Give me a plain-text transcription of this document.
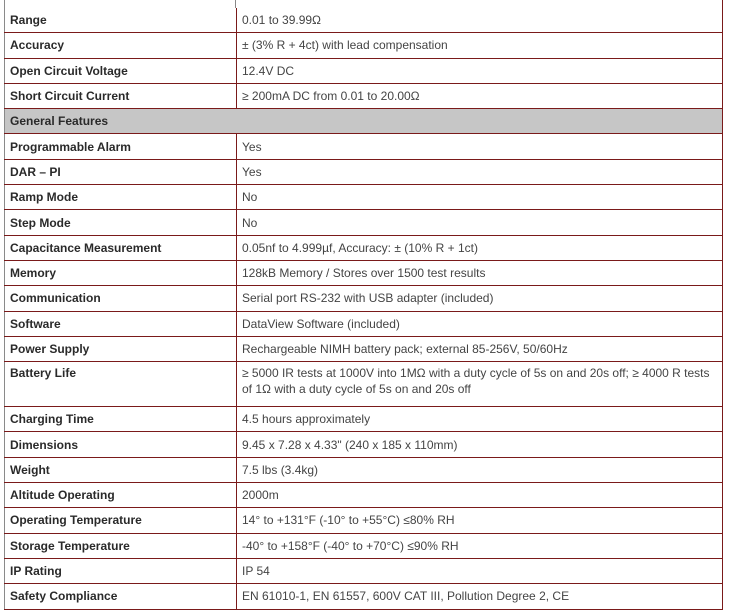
Range	0.01 to 39.99Ω
Accuracy	± (3% R + 4ct) with lead compensation
Open Circuit Voltage	12.4V DC
Short Circuit Current	≥ 200mA DC from 0.01 to 20.00Ω
General Features	
Programmable Alarm	Yes
DAR – PI	Yes
Ramp Mode	No
Step Mode	No
Capacitance Measurement	0.05nf to 4.999µf, Accuracy: ± (10% R + 1ct)
Memory	128kB Memory / Stores over 1500 test results
Communication	Serial port RS-232 with USB adapter (included)
Software	DataView Software (included)
Power Supply	Rechargeable NIMH battery pack; external 85-256V, 50/60Hz
Battery Life	≥ 5000 IR tests at 1000V into 1MΩ with a duty cycle of 5s on and 20s off; ≥ 4000 R tests of 1Ω with a duty cycle of 5s on and 20s off
Charging Time	4.5 hours approximately
Dimensions	9.45 x 7.28 x 4.33" (240 x 185 x 110mm)
Weight	7.5 lbs (3.4kg)
Altitude Operating	2000m
Operating Temperature	14° to +131°F (-10° to +55°C) ≤80% RH
Storage Temperature	-40° to +158°F (-40° to +70°C) ≤90% RH
IP Rating	IP 54
Safety Compliance	EN 61010-1, EN 61557, 600V CAT III, Pollution Degree 2, CE
